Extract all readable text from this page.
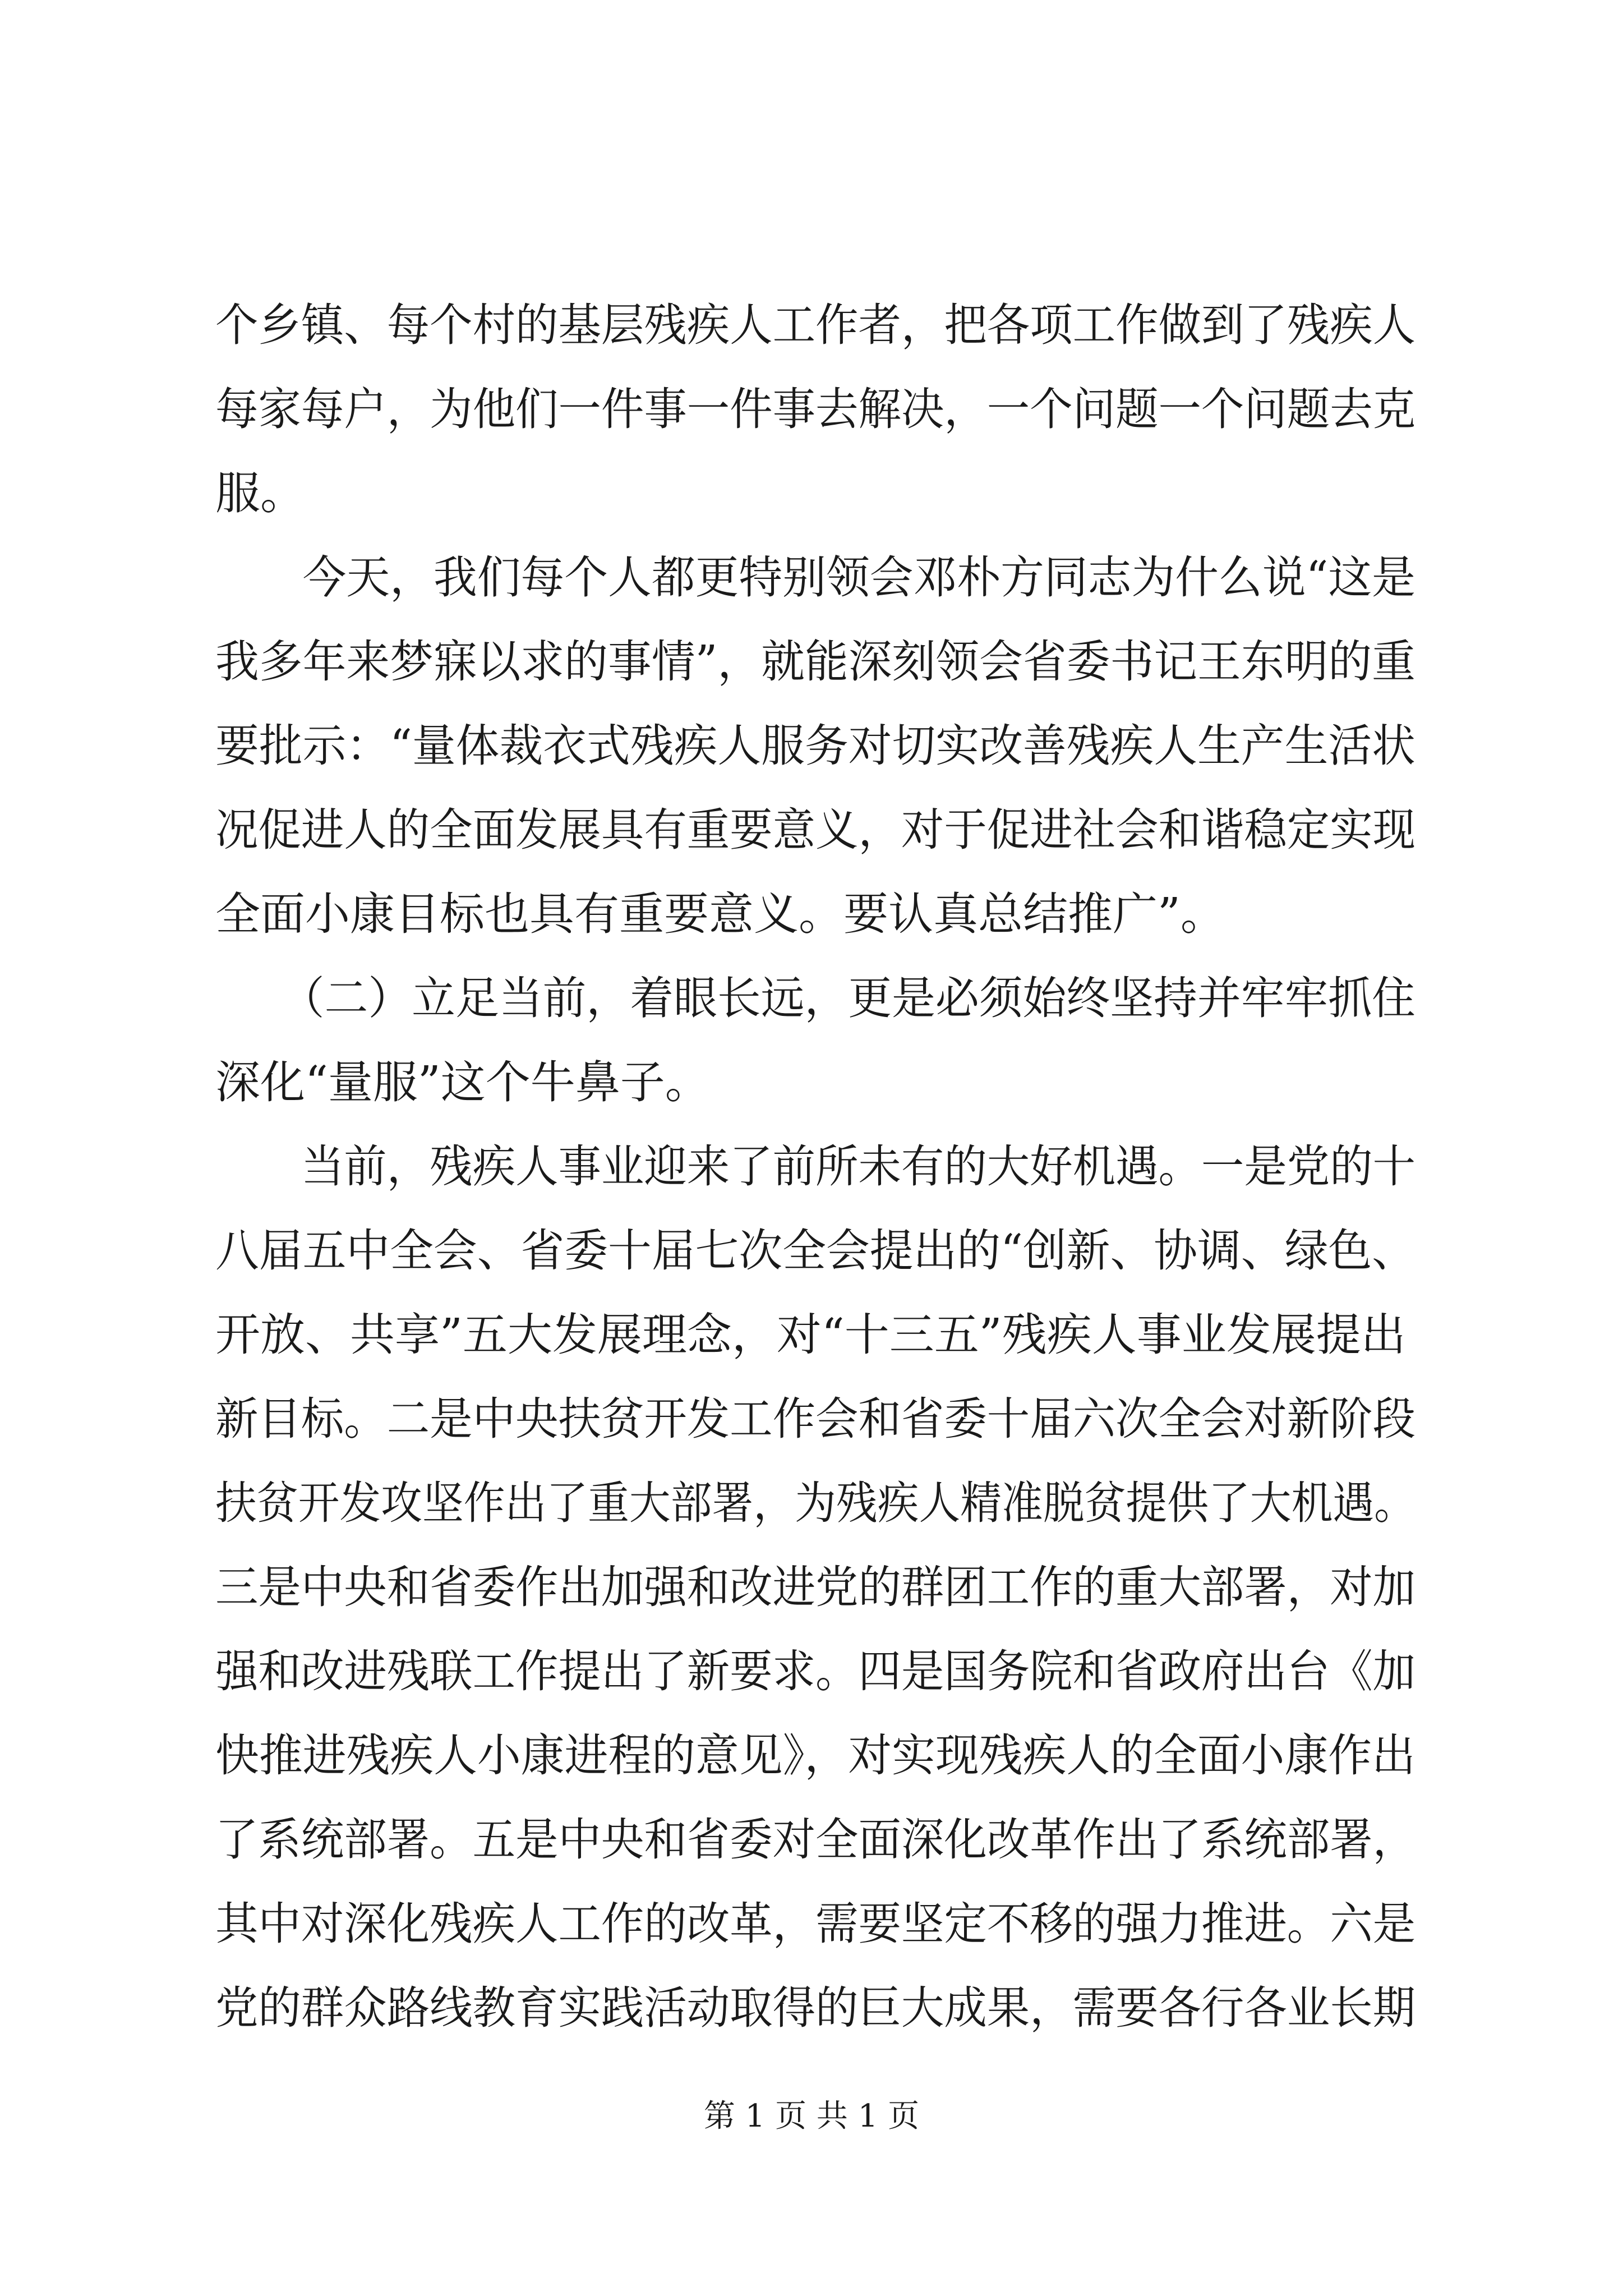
个乡镇、每个村的基层残疾人工作者，把各项工作做到了残疾人
每家每户，为他们一件事一件事去解决，一个问题一个问题去克
服。
　　今天，我们每个人都更特别领会邓朴方同志为什么说“这是
我多年来梦寐以求的事情”，就能深刻领会省委书记王东明的重
要批示：“量体裁衣式残疾人服务对切实改善残疾人生产生活状
况促进人的全面发展具有重要意义，对于促进社会和谐稳定实现
全面小康目标也具有重要意义。要认真总结推广”。
　　（二）立足当前，着眼长远，更是必须始终坚持并牢牢抓住
深化“量服”这个牛鼻子。
　　当前，残疾人事业迎来了前所未有的大好机遇。一是党的十
八届五中全会、省委十届七次全会提出的“创新、协调、绿色、
开放、共享”五大发展理念，对“十三五”残疾人事业发展提出
新目标。二是中央扶贫开发工作会和省委十届六次全会对新阶段
扶贫开发攻坚作出了重大部署，为残疾人精准脱贫提供了大机遇。
三是中央和省委作出加强和改进党的群团工作的重大部署，对加
强和改进残联工作提出了新要求。四是国务院和省政府出台《加
快推进残疾人小康进程的意见》，对实现残疾人的全面小康作出
了系统部署。五是中央和省委对全面深化改革作出了系统部署，
其中对深化残疾人工作的改革，需要坚定不移的强力推进。六是
党的群众路线教育实践活动取得的巨大成果，需要各行各业长期
第 1 页 共 1 页
